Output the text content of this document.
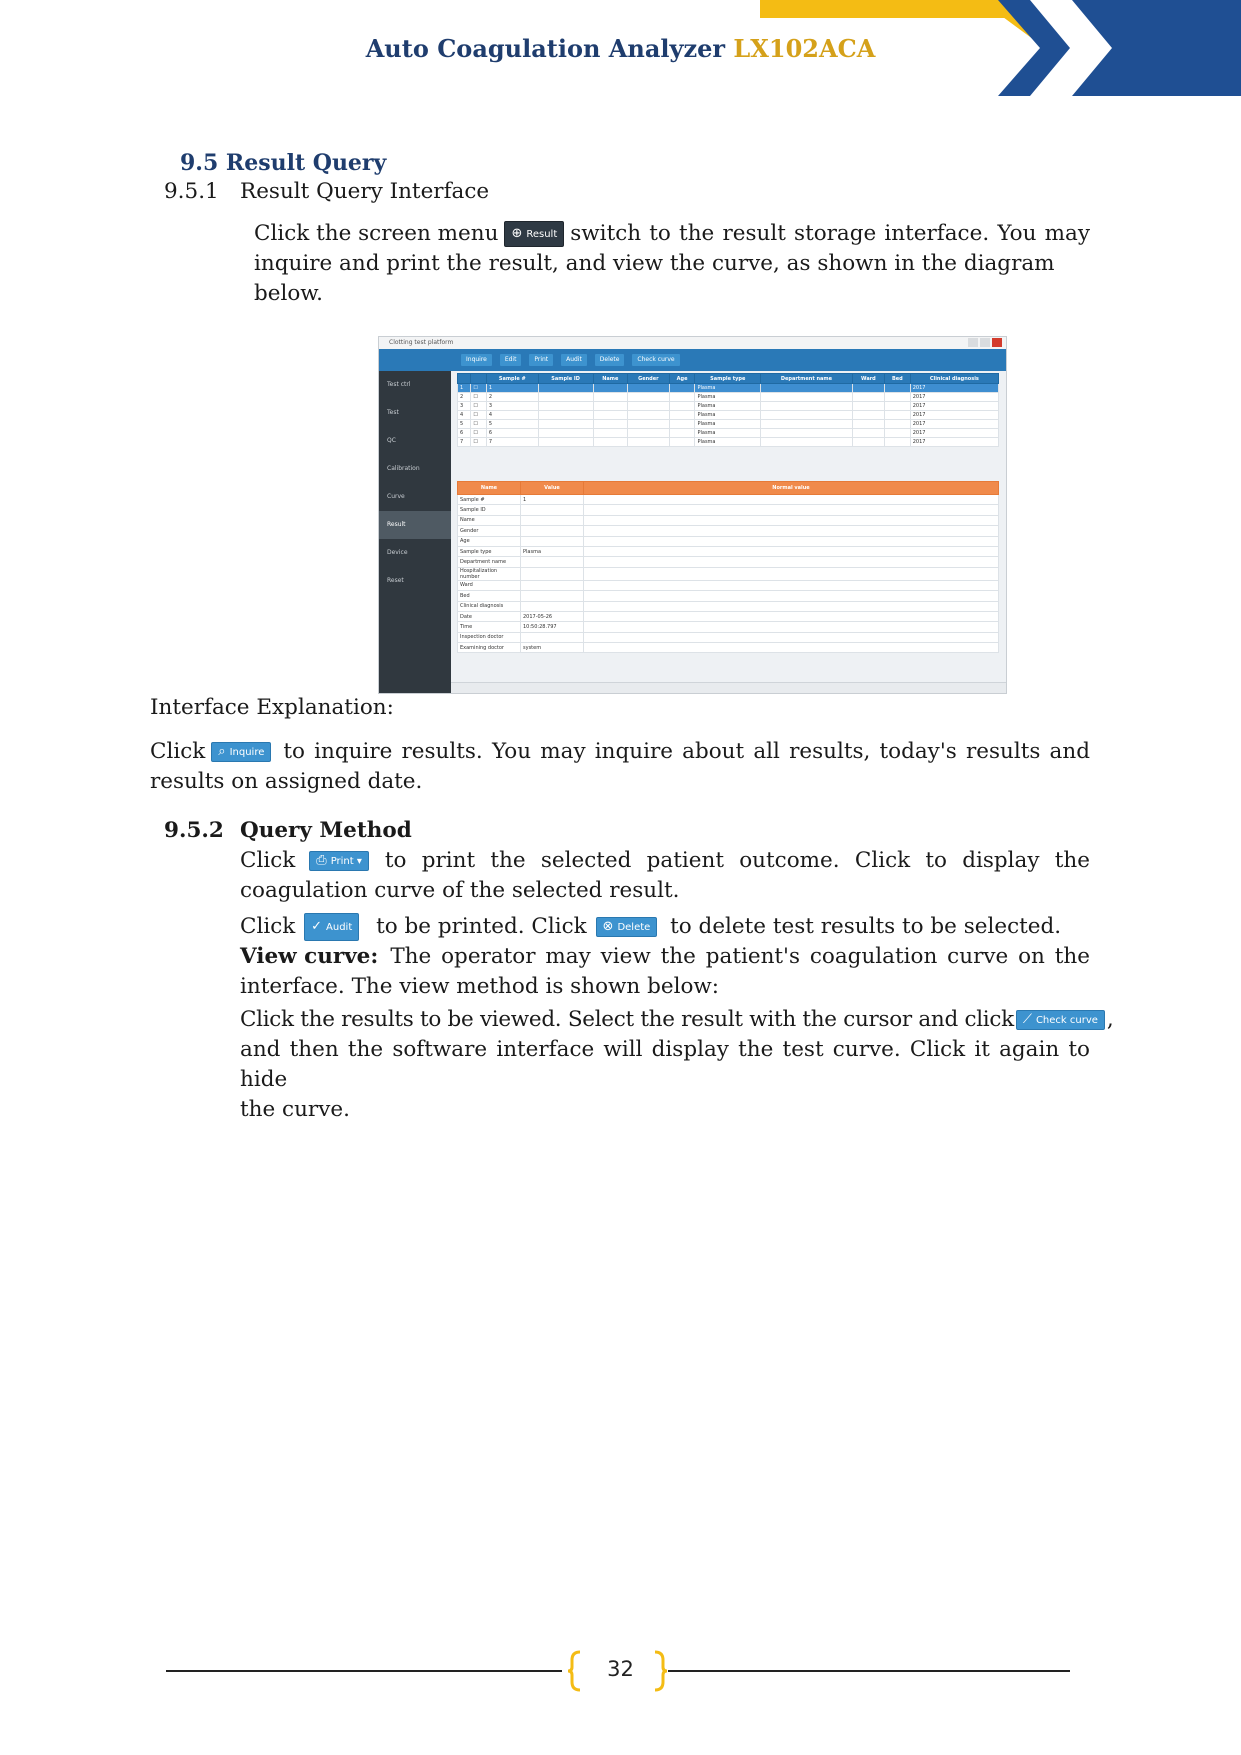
Auto Coagulation Analyzer LX102ACA
9.5 Result Query
9.5.1 Result Query Interface
Click the screen menu	⊕ Result switch to the result storage interface. You may
inquire and print the result, and view the curve, as shown in the diagram below.
Clotting test platform
Test ctrl
Test
QC
Calibration
Curve
Result
Device
Reset
Inquire	Edit	Print	Audit	Delete	Check curve
		Sample #	Sample ID	Name	Gender	Age	Sample type	Department name	Ward	Bed	Clinical diagnosis
1	☐	1					Plasma				2017
2	☐	2					Plasma				2017
3	☐	3					Plasma				2017
4	☐	4					Plasma				2017
5	☐	5					Plasma				2017
6	☐	6					Plasma				2017
7	☐	7					Plasma				2017
Name	Value	Normal value
Sample #	1	
Sample ID		
Name		
Gender		
Age		
Sample type	Plasma	
Department name		
Hospitalization number		
Ward		
Bed		
Clinical diagnosis		
Date	2017-05-26	
Time	10:50:28.797	
Inspection doctor		
Examining doctor	system	
Interface Explanation:
Click	⌕ Inquire to inquire results. You may inquire about all results, today's results and
results on assigned date.
9.5.2 Query Method
Click	⎙ Print ▾	to print the selected patient outcome. Click to display the
coagulation curve of the selected result.
Click ✓ Audit to be printed. Click ⊗ Delete to delete test results to be selected.
View curve: The operator may view the patient's coagulation curve on the
interface. The view method is shown below:
Click the results to be viewed. Select the result with the cursor and click ⟋ Check curve ,
and then the software interface will display the test curve. Click it again to hide
the curve.
32
